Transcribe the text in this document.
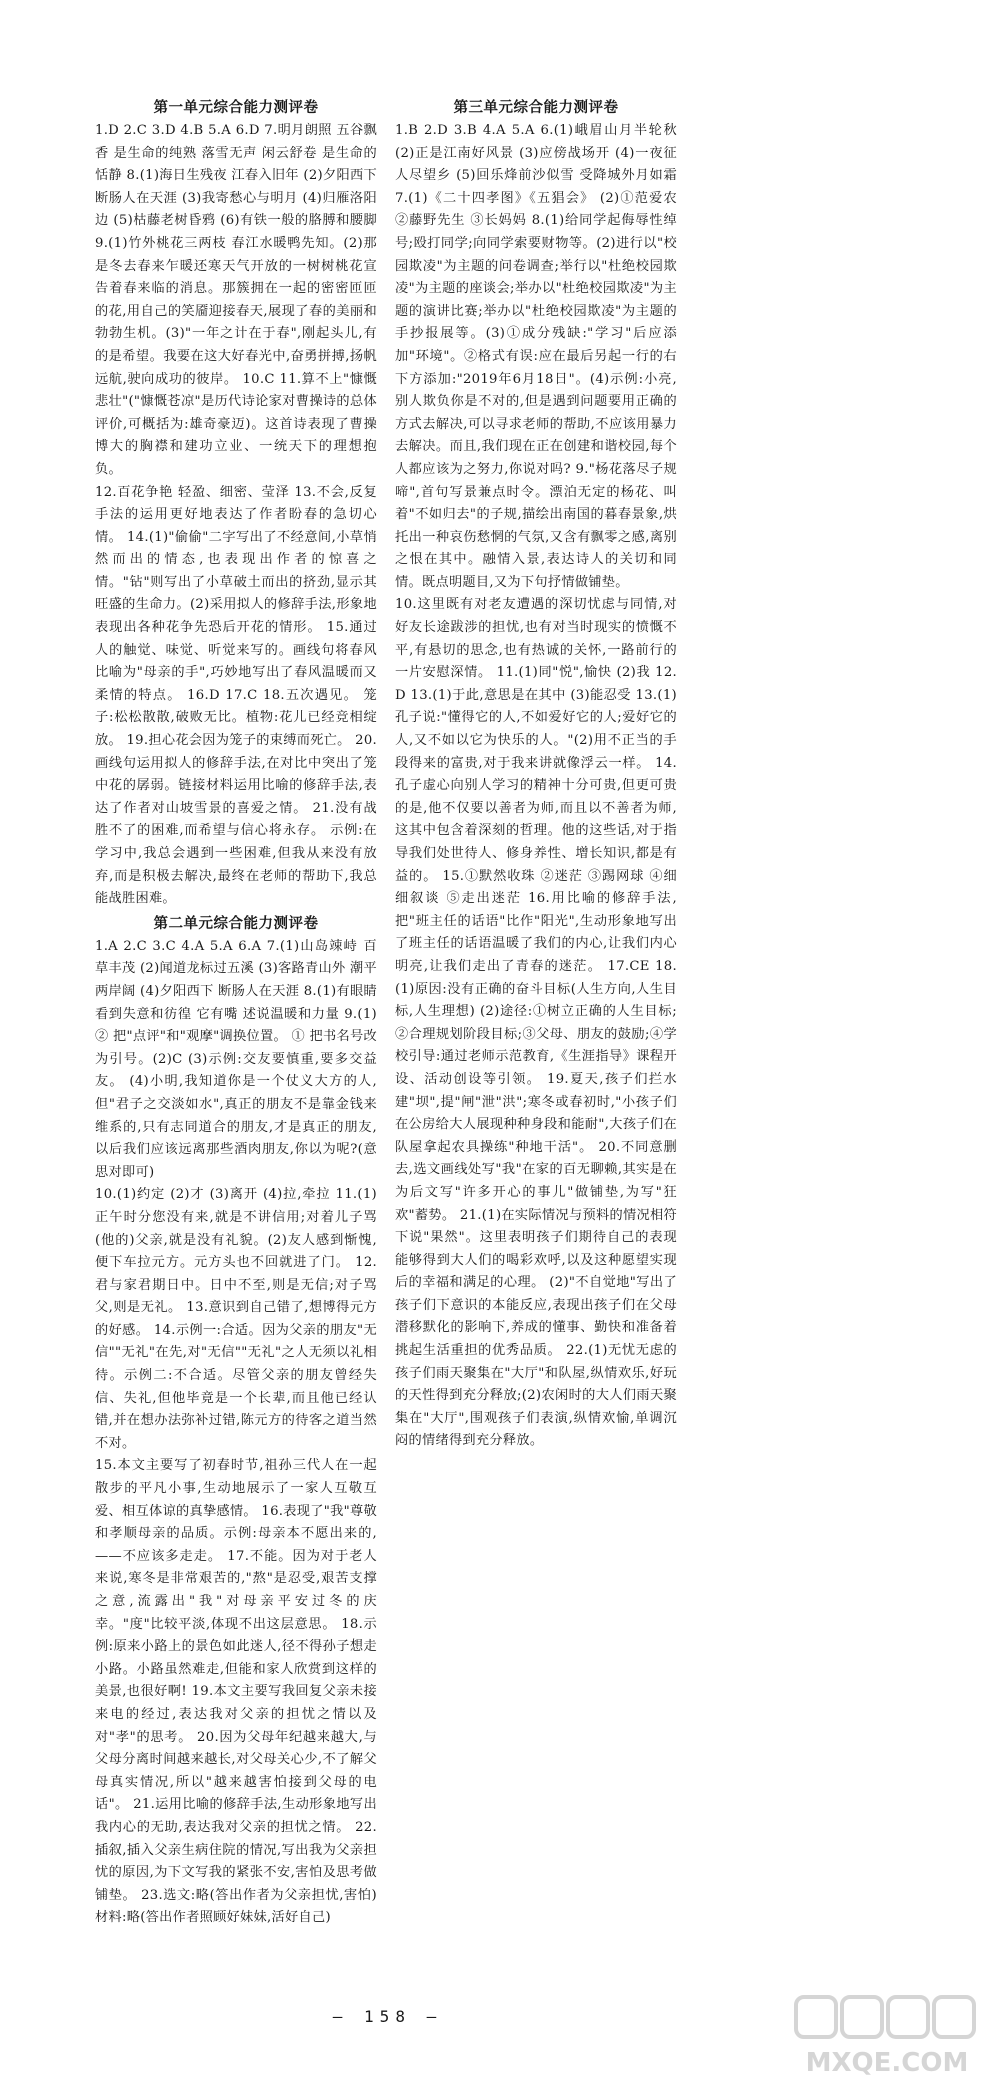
第一单元综合能力测评卷

1.D 2.C 3.D 4.B 5.A 6.D 7.明月朗照 五谷飘香 是生命的纯熟 落雪无声 闲云舒卷 是生命的恬静 8.(1)海日生残夜 江春入旧年 (2)夕阳西下 断肠人在天涯 (3)我寄愁心与明月 (4)归雁洛阳边 (5)枯藤老树昏鸦 (6)有铁一般的胳膊和腰脚 9.(1)竹外桃花三两枝 春江水暖鸭先知。(2)那是冬去春来乍暖还寒天气开放的一树树桃花宣告着春来临的消息。那簇拥在一起的密密匝匝的花,用自己的笑靥迎接春天,展现了春的美丽和勃勃生机。(3)"一年之计在于春",刚起头儿,有的是希望。我要在这大好春光中,奋勇拼搏,扬帆远航,驶向成功的彼岸。 10.C 11.算不上"慷慨悲壮"("慷慨苍凉"是历代诗论家对曹操诗的总体评价,可概括为:雄奇豪迈)。这首诗表现了曹操博大的胸襟和建功立业、一统天下的理想抱负。

12.百花争艳 轻盈、细密、莹泽 13.不会,反复手法的运用更好地表达了作者盼春的急切心情。 14.(1)"偷偷"二字写出了不经意间,小草悄然而出的情态,也表现出作者的惊喜之情。"钻"则写出了小草破土而出的挤劲,显示其旺盛的生命力。(2)采用拟人的修辞手法,形象地表现出各种花争先恐后开花的情形。 15.通过人的触觉、味觉、听觉来写的。画线句将春风比喻为"母亲的手",巧妙地写出了春风温暖而又柔情的特点。 16.D 17.C 18.五次遇见。 笼子:松松散散,破败无比。植物:花儿已经竞相绽放。 19.担心花会因为笼子的束缚而死亡。 20.画线句运用拟人的修辞手法,在对比中突出了笼中花的孱弱。链接材料运用比喻的修辞手法,表达了作者对山坡雪景的喜爱之情。 21.没有战胜不了的困难,而希望与信心将永存。 示例:在学习中,我总会遇到一些困难,但我从来没有放弃,而是积极去解决,最终在老师的帮助下,我总能战胜困难。

第二单元综合能力测评卷

1.A 2.C 3.C 4.A 5.A 6.A 7.(1)山岛竦峙 百草丰茂 (2)闻道龙标过五溪 (3)客路青山外 潮平两岸阔 (4)夕阳西下 断肠人在天涯 8.(1)有眼睛 看到失意和彷徨 它有嘴 述说温暖和力量 9.(1)② 把"点评"和"观摩"调换位置。 ① 把书名号改为引号。(2)C (3)示例:交友要慎重,要多交益友。 (4)小明,我知道你是一个仗义大方的人,但"君子之交淡如水",真正的朋友不是靠金钱来维系的,只有志同道合的朋友,才是真正的朋友,以后我们应该远离那些酒肉朋友,你以为呢?(意思对即可)

10.(1)约定 (2)才 (3)离开 (4)拉,牵拉 11.(1)正午时分您没有来,就是不讲信用;对着儿子骂(他的)父亲,就是没有礼貌。(2)友人感到惭愧,便下车拉元方。元方头也不回就进了门。 12.君与家君期日中。日中不至,则是无信;对子骂父,则是无礼。 13.意识到自己错了,想博得元方的好感。 14.示例一:合适。因为父亲的朋友"无信""无礼"在先,对"无信""无礼"之人无须以礼相待。示例二:不合适。尽管父亲的朋友曾经失信、失礼,但他毕竟是一个长辈,而且他已经认错,并在想办法弥补过错,陈元方的待客之道当然不对。

15.本文主要写了初春时节,祖孙三代人在一起散步的平凡小事,生动地展示了一家人互敬互爱、相互体谅的真挚感情。 16.表现了"我"尊敬和孝顺母亲的品质。示例:母亲本不愿出来的,——不应该多走走。 17.不能。因为对于老人来说,寒冬是非常艰苦的,"熬"是忍受,艰苦支撑之意,流露出"我"对母亲平安过冬的庆幸。"度"比较平淡,体现不出这层意思。 18.示例:原来小路上的景色如此迷人,径不得孙子想走小路。小路虽然难走,但能和家人欣赏到这样的美景,也很好啊! 19.本文主要写我回复父亲未接来电的经过,表达我对父亲的担忧之情以及对"孝"的思考。 20.因为父母年纪越来越大,与父母分离时间越来越长,对父母关心少,不了解父母真实情况,所以"越来越害怕接到父母的电话"。 21.运用比喻的修辞手法,生动形象地写出我内心的无助,表达我对父亲的担忧之情。 22.插叙,插入父亲生病住院的情况,写出我为父亲担忧的原因,为下文写我的紧张不安,害怕及思考做铺垫。 23.选文:略(答出作者为父亲担忧,害怕) 材料:略(答出作者照顾好妹妹,活好自己)

第三单元综合能力测评卷

1.B 2.D 3.B 4.A 5.A 6.(1)峨眉山月半轮秋 (2)正是江南好风景 (3)应傍战场开 (4)一夜征人尽望乡 (5)回乐烽前沙似雪 受降城外月如霜 7.(1)《二十四孝图》《五猖会》 (2)①范爱农 ②藤野先生 ③长妈妈 8.(1)给同学起侮辱性绰号;殴打同学;向同学索要财物等。(2)进行以"校园欺凌"为主题的问卷调查;举行以"杜绝校园欺凌"为主题的座谈会;举办以"杜绝校园欺凌"为主题的演讲比赛;举办以"杜绝校园欺凌"为主题的手抄报展等。(3)①成分残缺:"学习"后应添加"环境"。②格式有误:应在最后另起一行的右下方添加:"2019年6月18日"。(4)示例:小亮,别人欺负你是不对的,但是遇到问题要用正确的方式去解决,可以寻求老师的帮助,不应该用暴力去解决。而且,我们现在正在创建和谐校园,每个人都应该为之努力,你说对吗? 9."杨花落尽子规啼",首句写景兼点时令。漂泊无定的杨花、叫着"不如归去"的子规,描绘出南国的暮春景象,烘托出一种哀伤愁惘的气氛,又含有飘零之感,离别之恨在其中。融情入景,表达诗人的关切和同情。既点明题目,又为下句抒情做铺垫。

10.这里既有对老友遭遇的深切忧虑与同情,对好友长途跋涉的担忧,也有对当时现实的愤慨不平,有悬切的思念,也有热诚的关怀,一路前行的一片安慰深情。 11.(1)同"悦",愉快 (2)我 12.D 13.(1)于此,意思是在其中 (3)能忍受 13.(1)孔子说:"懂得它的人,不如爱好它的人;爱好它的人,又不如以它为快乐的人。"(2)用不正当的手段得来的富贵,对于我来讲就像浮云一样。 14.孔子虚心向别人学习的精神十分可贵,但更可贵的是,他不仅要以善者为师,而且以不善者为师,这其中包含着深刻的哲理。他的这些话,对于指导我们处世待人、修身养性、增长知识,都是有益的。 15.①默然收珠 ②迷茫 ③踢网球 ④细细叙谈 ⑤走出迷茫 16.用比喻的修辞手法,把"班主任的话语"比作"阳光",生动形象地写出了班主任的话语温暖了我们的内心,让我们内心明亮,让我们走出了青春的迷茫。 17.CE 18.(1)原因:没有正确的奋斗目标(人生方向,人生目标,人生理想) (2)途径:①树立正确的人生目标;②合理规划阶段目标;③父母、朋友的鼓励;④学校引导:通过老师示范教育,《生涯指导》课程开设、活动创设等引领。 19.夏天,孩子们拦水建"坝",提"闸"泄"洪";寒冬或春初时,"小孩子们在公房给大人展现种种身段和能耐",大孩子们在队屋拿起农具操练"种地干活"。 20.不同意删去,选文画线处写"我"在家的百无聊赖,其实是在为后文写"许多开心的事儿"做铺垫,为写"狂欢"蓄势。 21.(1)在实际情况与预料的情况相符下说"果然"。这里表明孩子们期待自己的表现能够得到大人们的喝彩欢呼,以及这种愿望实现后的幸福和满足的心理。 (2)"不自觉地"写出了孩子们下意识的本能反应,表现出孩子们在父母潜移默化的影响下,养成的懂事、勤快和准备着挑起生活重担的优秀品质。 22.(1)无忧无虑的孩子们雨天聚集在"大厅"和队屋,纵情欢乐,好玩的天性得到充分释放;(2)农闲时的大人们雨天聚集在"大厅",围观孩子们表演,纵情欢愉,单调沉闷的情绪得到充分释放。

— 158 —
MXQE.COM
